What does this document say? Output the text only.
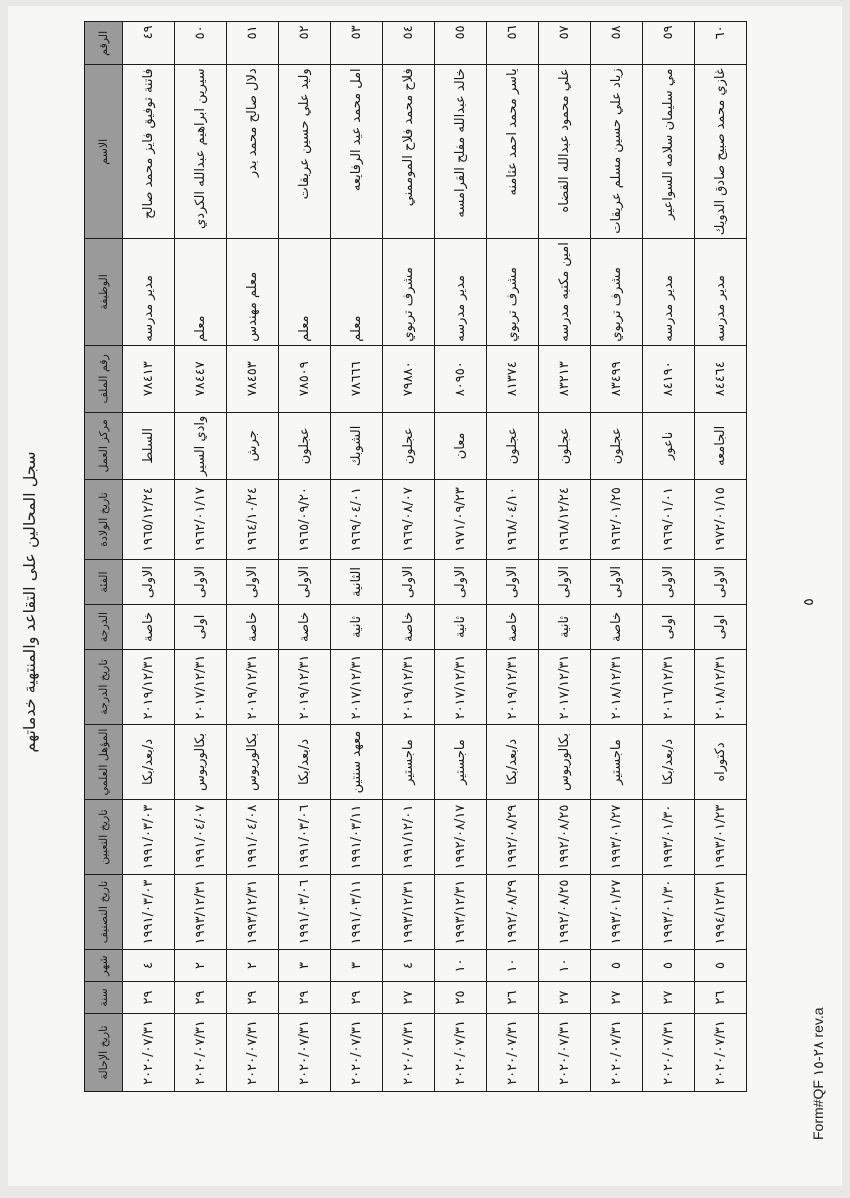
سجل المحالين على التقاعد والمنتهية خدماتهم
الرقم	الاسم	الوظيفة	رقم الملف	مركز العمل	تاريخ الولادة	الفئة	الدرجة	تاريخ الدرجة	المؤهل العلمي	تاريخ التعيين	تاريخ التصنيف	شهر	سنة	تاريخ الإحالة
٤٩	فاتنة توفيق فايز محمد صالح	مدير مدرسه	٧٨٤١٣	السلط	١٩٦٥/١٢/٢٤	الاولى	خاصة	٢٠١٩/١٢/٣١	د/بعد/بكا	١٩٩١/٠٣/٠٣	١٩٩١/٠٣/٠٣	٤	٢٩	٢٠٢٠/٠٧/٣١
٥٠	سيرين ابراهيم عبدالله الكردي	معلم	٧٨٤٤٧	وادي السير	١٩٦٢/٠١/١٧	الاولى	اولى	٢٠١٧/١٢/٣١	بكالوريوس	١٩٩١/٠٤/٠٧	١٩٩٣/١٢/٣١	٢	٢٩	٢٠٢٠/٠٧/٣١
٥١	دلال صالح محمد بدر	معلم مهندس	٧٨٤٥٣	جرش	١٩٦٤/١٠/٢٤	الاولى	خاصة	٢٠١٩/١٢/٣١	بكالوريوس	١٩٩١/٠٤/٠٨	١٩٩٣/١٢/٣١	٢	٢٩	٢٠٢٠/٠٧/٣١
٥٢	وليد علي حسين عريقات	معلم	٧٨٥٠٩	عجلون	١٩٦٥/٠٩/٢٠	الاولى	خاصة	٢٠١٩/١٢/٣١	د/بعد/بكا	١٩٩١/٠٣/٠٦	١٩٩١/٠٣/٠٦	٣	٢٩	٢٠٢٠/٠٧/٣١
٥٣	امل محمد عيد الرفايعه	معلم	٧٨٦٦٦	الشوبك	١٩٦٩/٠٤/٠١	الثانية	ثانية	٢٠١٧/١٢/٣١	معهد سنتين	١٩٩١/٠٣/١١	١٩٩١/٠٣/١١	٣	٢٩	٢٠٢٠/٠٧/٣١
٥٤	فلاح محمد فلاح الموممني	مشرف تربوي	٧٩٨٨٠	عجلون	١٩٦٩/٠٨/٠٧	الاولى	خاصة	٢٠١٩/١٢/٣١	ماجستير	١٩٩١/١٢/٠١	١٩٩٣/١٢/٣١	٤	٢٧	٢٠٢٠/٠٧/٣١
٥٥	خالد عبدالله مفلح القرامسه	مدير مدرسه	٨٠٩٥٠	معان	١٩٧١/٠٩/٢٣	الاولى	ثانية	٢٠١٧/١٢/٣١	ماجستير	١٩٩٢/٠٨/١٧	١٩٩٣/١٢/٣١	١٠	٢٥	٢٠٢٠/٠٧/٣١
٥٦	ياسر محمد احمد عثامنه	مشرف تربوي	٨١٣٧٤	عجلون	١٩٦٨/٠٤/١٠	الاولى	خاصة	٢٠١٩/١٢/٣١	د/بعد/بكا	١٩٩٢/٠٨/٢٩	١٩٩٢/٠٨/٢٩	١٠	٢٦	٢٠٢٠/٠٧/٣١
٥٧	علي محمود عبدالله القضاه	امين مكتبه مدرسه	٨٣٢١٣	عجلون	١٩٦٨/١٢/٢٤	الاولى	ثانية	٢٠١٧/١٢/٣١	بكالوريوس	١٩٩٢/٠٨/٢٥	١٩٩٢/٠٨/٢٥	١٠	٢٧	٢٠٢٠/٠٧/٣١
٥٨	زياد علي حسين مسلم عريقات	مشرف تربوي	٨٣٤٩٩	عجلون	١٩٦٢/٠١/٢٥	الاولى	خاصة	٢٠١٨/١٢/٣١	ماجستير	١٩٩٣/٠١/٢٧	١٩٩٣/٠١/٢٧	٥	٢٧	٢٠٢٠/٠٧/٣١
٥٩	مي سليمان سلامه السواعير	مدير مدرسه	٨٤١٩٠	ناعور	١٩٦٩/٠١/٠١	الاولى	اولى	٢٠١٦/١٢/٣١	د/بعد/بكا	١٩٩٣/٠١/٣٠	١٩٩٣/٠١/٣٠	٥	٢٧	٢٠٢٠/٠٧/٣١
٦٠	غازي محمد صبيح صادق الدويك	مدير مدرسه	٨٤٤٦٤	الجامعه	١٩٧٢/٠١/١٥	الاولى	اولى	٢٠١٨/١٢/٣١	دكتوراه	١٩٩٣/٠١/٢٣	١٩٩٤/١٢/٣١	٥	٢٦	٢٠٢٠/٠٧/٣١
٥
Form#QF ٢٨-١٥ rev.a
